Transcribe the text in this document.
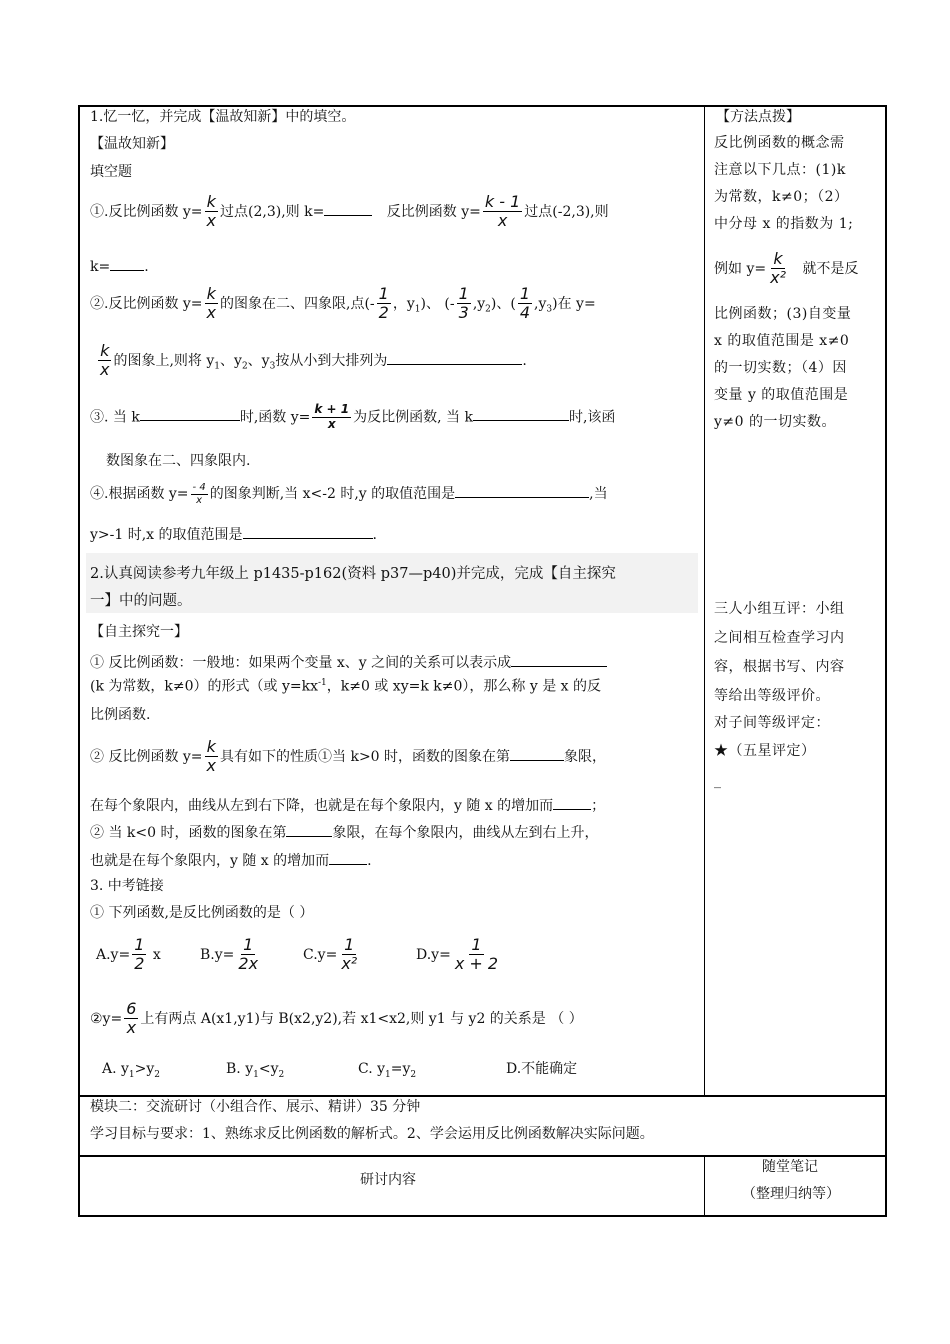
1.忆一忆，并完成【温故知新】中的填空。
【温故知新】
填空题
①.反比例函数 $y= \frac{k}{x}$ 过点(2,3),则 k=	反比例函数 $y= \frac{k - 1}{x}$ 过点(-2,3),则
k= .
②.反比例函数 $y= \frac{k}{x}$ 的图象在二、四象限,点(- $\frac{1}{2}$ ，$y_1$)、 (- $\frac{1}{3} ,y_2$)、( $\frac{1}{4} ,y_3$)在 y=
$\frac{k}{x}$ 的图象上,则将 $y_1$、$y_2$、$y_3$按从小到大排列为	.
③. 当 k	时,函数 $y= \frac{k + 1}{x}$ 为反比例函数, 当 k	时,该函
数图象在二、四象限内.
④.根据函数 $y= \frac{- 4}{x}$ 的图象判断,当 x<-2 时,y 的取值范围是	,当
y>-1 时,x 的取值范围是	.
2.认真阅读参考九年级上 p1435-p162(资料 p37—p40)并完成，完成【自主探究
一】中的问题。
【自主探究一】
① 反比例函数：一般地：如果两个变量 x、y 之间的关系可以表示成
(k 为常数，k≠0）的形式（或 $y=kx^{-1}$，k≠0 或 xy=k k≠0），那么称 y 是 x 的反
比例函数.
② 反比例函数 $y= \frac{k}{x}$ 具有如下的性质①当 k>0 时，函数的图象在第	象限，
在每个象限内，曲线从左到右下降，也就是在每个象限内，y 随 x 的增加而	；
② 当 k<0 时，函数的图象在第	象限，在每个象限内，曲线从左到右上升，
也就是在每个象限内，y 随 x 的增加而	.
3. 中考链接
① 下列函数,是反比例函数的是（ ）
$A.y= \frac{1}{2}$ x	$B.y= \frac{1}{2x}$	$C.y= \frac{1}{\text{x²}}$	$D.y= \frac{1}{x + 2}$
②y= $\frac{6}{x}$ 上有两点 A(x1,y1)与 B(x2,y2),若 x1<x2,则 y1 与 y2 的关系是 （ ）
A. $y_1>y_2$	B. $y_1<y_2$	C. $y_1=y_2$	D.不能确定
【方法点拨】
反比例函数的概念需
注意以下几点：(1)k
为常数，k≠0；（2）
中分母 x 的指数为 1;
例如 $y= \frac{k}{\text{x²}}$ 就不是反
比例函数；(3)自变量
x 的取值范围是 x≠0
的一切实数；（4）因
变量 y 的取值范围是
y≠0 的一切实数。
三人小组互评：小组
之间相互检查学习内
容，根据书写、内容
等给出等级评价。
对子间等级评定：
★（五星评定）
_
模块二：交流研讨（小组合作、展示、精讲）35 分钟
学习目标与要求：1、熟练求反比例函数的解析式。2、学会运用反比例函数解决实际问题。
研讨内容
随堂笔记
（整理归纳等）
